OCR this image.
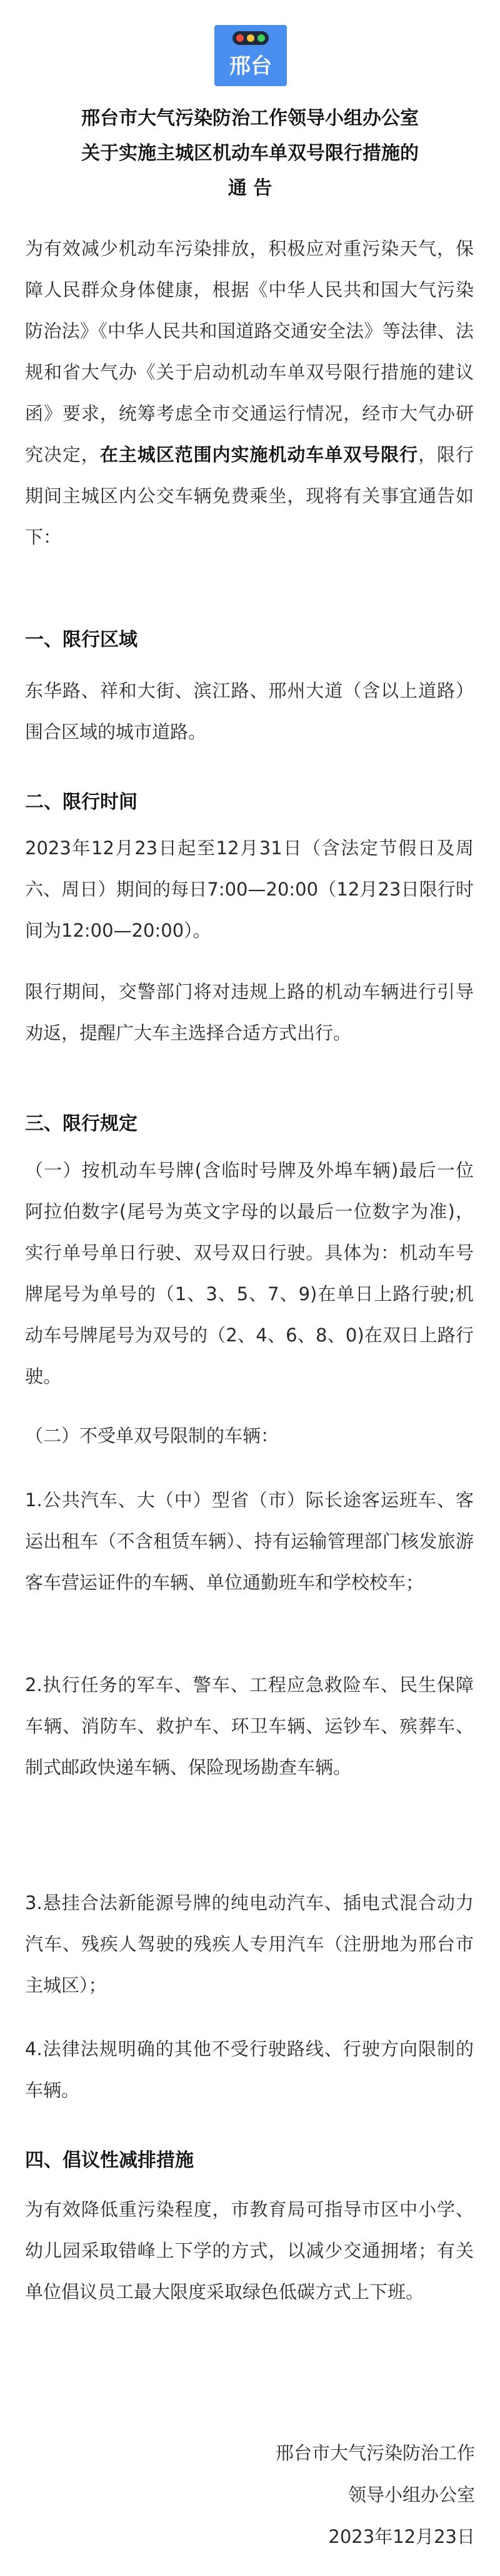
邢台
邢台市大气污染防治工作领导小组办公室
关于实施主城区机动车单双号限行措施的
通 告

为有效减少机动车污染排放，积极应对重污染天气，保障人民群众身体健康，根据《中华人民共和国大气污染防治法》《中华人民共和国道路交通安全法》等法律、法规和省大气办《关于启动机动车单双号限行措施的建议函》要求，统筹考虑全市交通运行情况，经市大气办研究决定，在主城区范围内实施机动车单双号限行，限行期间主城区内公交车辆免费乘坐，现将有关事宜通告如下：

一、限行区域

东华路、祥和大街、滨江路、邢州大道（含以上道路）围合区域的城市道路。

二、限行时间

2023年12月23日起至12月31日（含法定节假日及周六、周日）期间的每日7:00—20:00（12月23日限行时间为12:00—20:00）。

限行期间，交警部门将对违规上路的机动车辆进行引导劝返，提醒广大车主选择合适方式出行。

三、限行规定

（一）按机动车号牌(含临时号牌及外埠车辆)最后一位阿拉伯数字(尾号为英文字母的以最后一位数字为准)，实行单号单日行驶、双号双日行驶。具体为：机动车号牌尾号为单号的（1、3、5、7、9)在单日上路行驶;机动车号牌尾号为双号的（2、4、6、8、0)在双日上路行驶。

（二）不受单双号限制的车辆：

1.公共汽车、大（中）型省（市）际长途客运班车、客运出租车（不含租赁车辆）、持有运输管理部门核发旅游客车营运证件的车辆、单位通勤班车和学校校车；

2.执行任务的军车、警车、工程应急救险车、民生保障车辆、消防车、救护车、环卫车辆、运钞车、殡葬车、制式邮政快递车辆、保险现场勘查车辆。

3.悬挂合法新能源号牌的纯电动汽车、插电式混合动力汽车、残疾人驾驶的残疾人专用汽车（注册地为邢台市主城区）；

4.法律法规明确的其他不受行驶路线、行驶方向限制的车辆。

四、倡议性减排措施

为有效降低重污染程度，市教育局可指导市区中小学、幼儿园采取错峰上下学的方式，以减少交通拥堵；有关单位倡议员工最大限度采取绿色低碳方式上下班。

邢台市大气污染防治工作

领导小组办公室

2023年12月23日
